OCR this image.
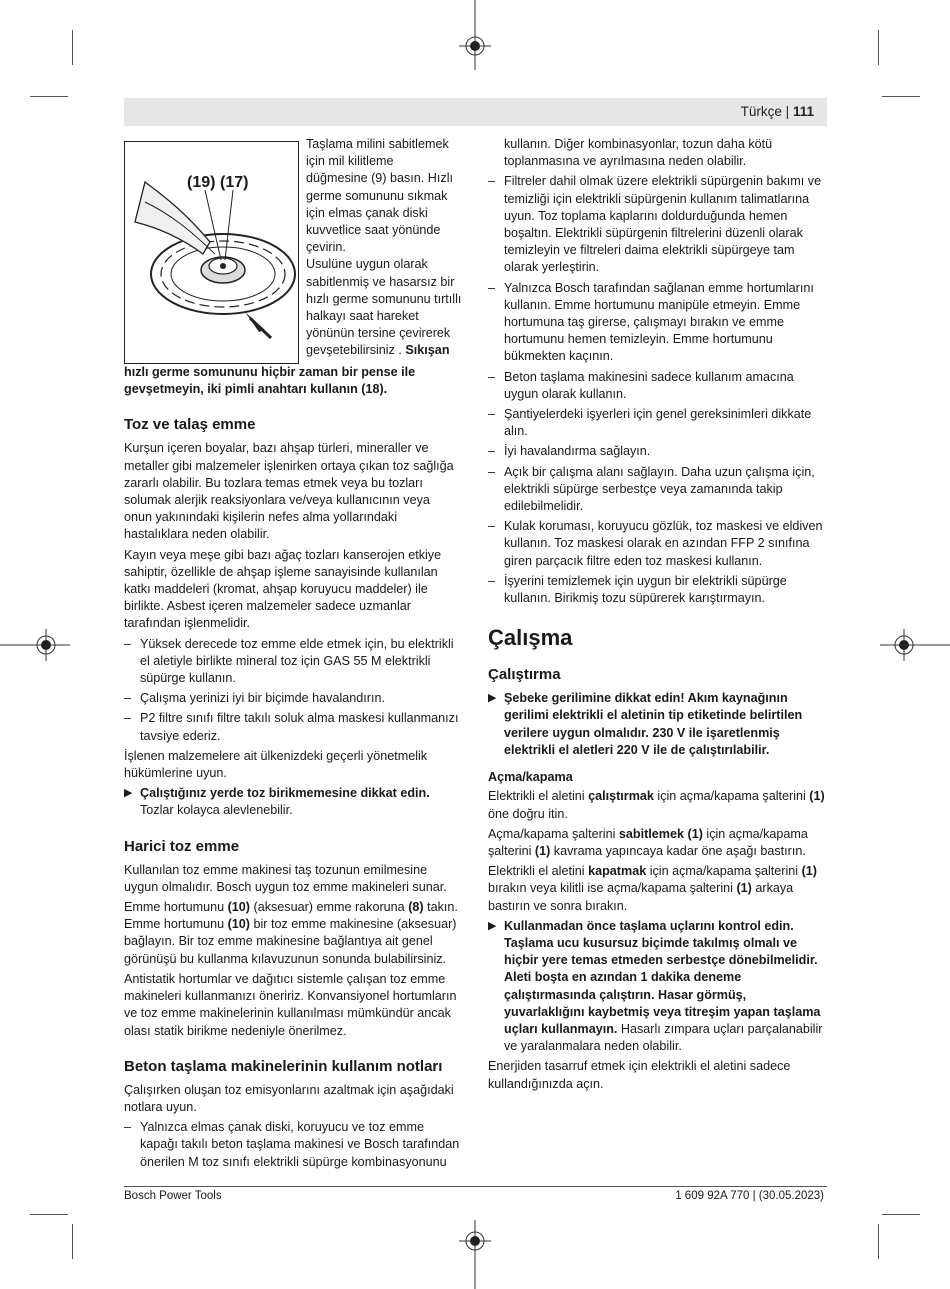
Türkçe | 111
(19) (17)

Taşlama milini sabitlemek

için mil kilitleme

düğmesine (9) basın. Hızlı

germe somununu sıkmak

için elmas çanak diski

kuvvetlice saat yönünde

çevirin.

Usulüne uygun olarak

sabitlenmiş ve hasarsız bir

hızlı germe somununu tırtıllı

halkayı saat hareket

yönünün tersine çevirerek

gevşetebilirsiniz . Sıkışan

hızlı germe somununu hiçbir zaman bir pense ile gevşetmeyin, iki pimli anahtarı kullanın (18).

Toz ve talaş emme

Kurşun içeren boyalar, bazı ahşap türleri, mineraller ve metaller gibi malzemeler işlenirken ortaya çıkan toz sağlığa zararlı olabilir. Bu tozlara temas etmek veya bu tozları solumak alerjik reaksiyonlara ve/veya kullanıcının veya onun yakınındaki kişilerin nefes alma yollarındaki hastalıklara neden olabilir.

Kayın veya meşe gibi bazı ağaç tozları kanserojen etkiye sahiptir, özellikle de ahşap işleme sanayisinde kullanılan katkı maddeleri (kromat, ahşap koruyucu maddeler) ile birlikte. Asbest içeren malzemeler sadece uzmanlar tarafından işlenmelidir.

– Yüksek derecede toz emme elde etmek için, bu elektrikli el aletiyle birlikte mineral toz için GAS 55 M elektrikli süpürge kullanın.
– Çalışma yerinizi iyi bir biçimde havalandırın.
– P2 filtre sınıfı filtre takılı soluk alma maskesi kullanmanızı tavsiye ederiz.

İşlenen malzemelere ait ülkenizdeki geçerli yönetmelik hükümlerine uyun.

▶ Çalıştığınız yerde toz birikmemesine dikkat edin.
Tozlar kolayca alevlenebilir.
Harici toz emme

Kullanılan toz emme makinesi taş tozunun emilmesine uygun olmalıdır. Bosch uygun toz emme makineleri sunar.

Emme hortumunu (10) (aksesuar) emme rakoruna (8) takın. Emme hortumunu (10) bir toz emme makinesine (aksesuar) bağlayın. Bir toz emme makinesine bağlantıya ait genel görünüşü bu kullanma kılavuzunun sonunda bulabilirsiniz.

Antistatik hortumlar ve dağıtıcı sistemle çalışan toz emme makineleri kullanmanızı öneririz. Konvansiyonel hortumların ve toz emme makinelerinin kullanılması mümkündür ancak olası statik birikme nedeniyle önerilmez.

Beton taşlama makinelerinin kullanım notları

Çalışırken oluşan toz emisyonlarını azaltmak için aşağıdaki notlara uyun.

– Yalnızca elmas çanak diski, koruyucu ve toz emme kapağı takılı beton taşlama makinesi ve Bosch tarafından önerilen M toz sınıfı elektrikli süpürge kombinasyonunu

kullanın. Diğer kombinasyonlar, tozun daha kötü toplanmasına ve ayrılmasına neden olabilir.

– Filtreler dahil olmak üzere elektrikli süpürgenin bakımı ve temizliği için elektrikli süpürgenin kullanım talimatlarına uyun. Toz toplama kaplarını doldurduğunda hemen boşaltın. Elektrikli süpürgenin filtrelerini düzenli olarak temizleyin ve filtreleri daima elektrikli süpürgeye tam olarak yerleştirin.
– Yalnızca Bosch tarafından sağlanan emme hortumlarını kullanın. Emme hortumunu manipüle etmeyin. Emme hortumuna taş girerse, çalışmayı bırakın ve emme hortumunu hemen temizleyin. Emme hortumunu bükmekten kaçının.
– Beton taşlama makinesini sadece kullanım amacına uygun olarak kullanın.
– Şantiyelerdeki işyerleri için genel gereksinimleri dikkate alın.
– İyi havalandırma sağlayın.
– Açık bir çalışma alanı sağlayın. Daha uzun çalışma için, elektrikli süpürge serbestçe veya zamanında takip edilebilmelidir.
– Kulak koruması, koruyucu gözlük, toz maskesi ve eldiven kullanın. Toz maskesi olarak en azından FFP 2 sınıfına giren parçacık filtre eden toz maskesi kullanın.
– İşyerini temizlemek için uygun bir elektrikli süpürge kullanın. Birikmiş tozu süpürerek karıştırmayın.
Çalışma
Çalıştırma
▶ Şebeke gerilimine dikkat edin! Akım kaynağının gerilimi elektrikli el aletinin tip etiketinde belirtilen verilere uygun olmalıdır. 230 V ile işaretlenmiş elektrikli el aletleri 220 V ile de çalıştırılabilir.
Açma/kapama

Elektrikli el aletini çalıştırmak için açma/kapama şalterini (1) öne doğru itin.

Açma/kapama şalterini sabitlemek (1) için açma/kapama şalterini (1) kavrama yapıncaya kadar öne aşağı bastırın.

Elektrikli el aletini kapatmak için açma/kapama şalterini (1) bırakın veya kilitli ise açma/kapama şalterini (1) arkaya bastırın ve sonra bırakın.

▶ Kullanmadan önce taşlama uçlarını kontrol edin. Taşlama ucu kusursuz biçimde takılmış olmalı ve hiçbir yere temas etmeden serbestçe dönebilmelidir. Aleti boşta en azından 1 dakika deneme çalıştırmasında çalıştırın. Hasar görmüş, yuvarlaklığını kaybetmiş veya titreşim yapan taşlama uçları kullanmayın. Hasarlı zımpara uçları parçalanabilir ve yaralanmalara neden olabilir.

Enerjiden tasarruf etmek için elektrikli el aletini sadece kullandığınızda açın.

Bosch Power Tools	1 609 92A 770 | (30.05.2023)
